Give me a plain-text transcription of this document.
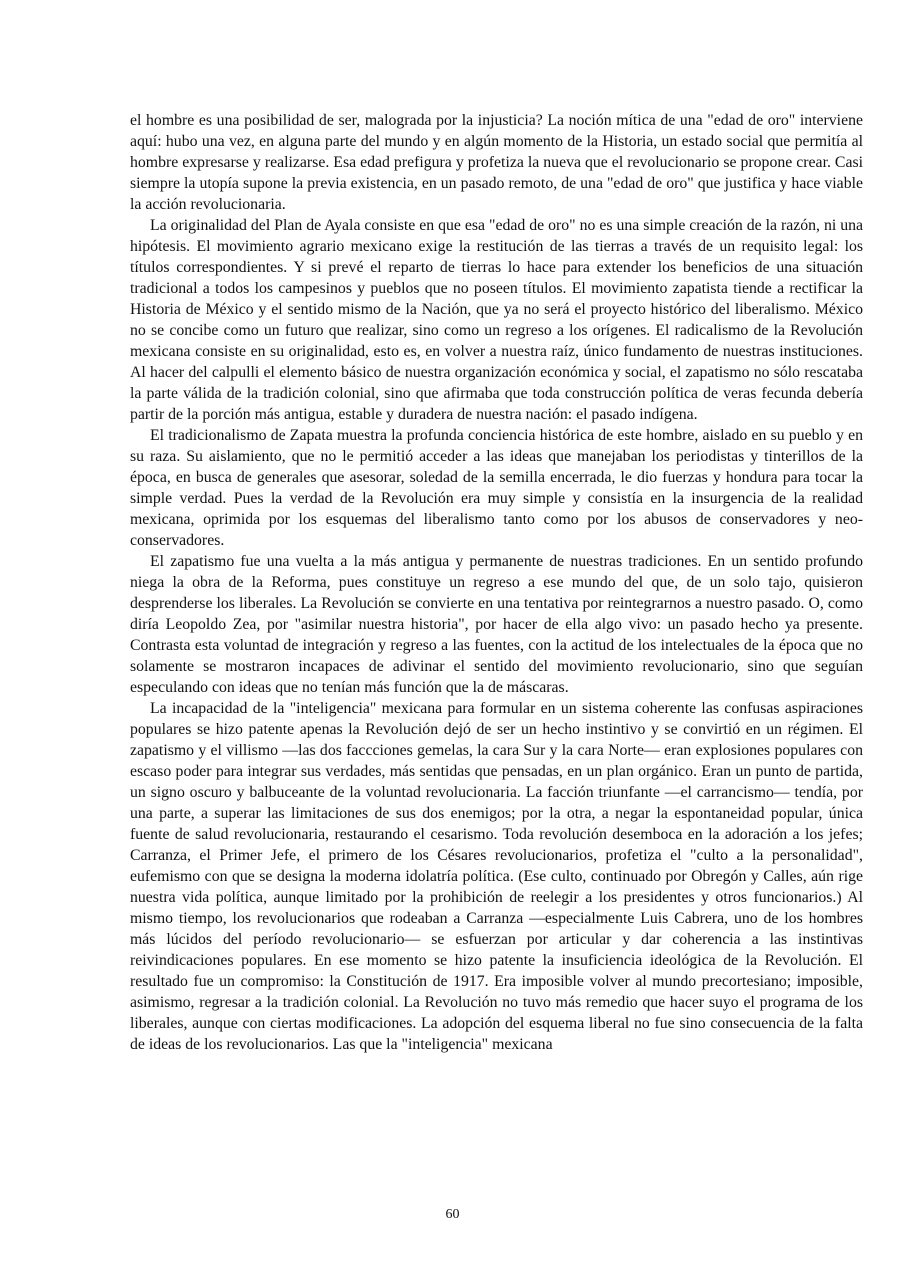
el hombre es una posibilidad de ser, malograda por la injusticia? La noción mítica de una "edad de oro" interviene aquí: hubo una vez, en alguna parte del mundo y en algún momento de la Historia, un estado social que permitía al hombre expresarse y realizarse. Esa edad prefigura y profetiza la nueva que el revolucionario se propone crear. Casi siempre la utopía supone la previa existencia, en un pasado remoto, de una "edad de oro" que justifica y hace viable la acción revolucionaria.

La originalidad del Plan de Ayala consiste en que esa "edad de oro" no es una simple creación de la razón, ni una hipótesis. El movimiento agrario mexicano exige la restitución de las tierras a través de un requisito legal: los títulos correspondientes. Y si prevé el reparto de tierras lo hace para extender los beneficios de una situación tradicional a todos los campesinos y pueblos que no poseen títulos. El movimiento zapatista tiende a rectificar la Historia de México y el sentido mismo de la Nación, que ya no será el proyecto histórico del liberalismo. México no se concibe como un futuro que realizar, sino como un regreso a los orígenes. El radicalismo de la Revolución mexicana consiste en su originalidad, esto es, en volver a nuestra raíz, único fundamento de nuestras instituciones. Al hacer del calpulli el elemento básico de nuestra organización económica y social, el zapatismo no sólo rescataba la parte válida de la tradición colonial, sino que afirmaba que toda construcción política de veras fecunda debería partir de la porción más antigua, estable y duradera de nuestra nación: el pasado indígena.

El tradicionalismo de Zapata muestra la profunda conciencia histórica de este hombre, aislado en su pueblo y en su raza. Su aislamiento, que no le permitió acceder a las ideas que manejaban los periodistas y tinterillos de la época, en busca de generales que asesorar, soledad de la semilla encerrada, le dio fuerzas y hondura para tocar la simple verdad. Pues la verdad de la Revolución era muy simple y consistía en la insurgencia de la realidad mexicana, oprimida por los esquemas del liberalismo tanto como por los abusos de conservadores y neo-conservadores.

El zapatismo fue una vuelta a la más antigua y permanente de nuestras tradiciones. En un sentido profundo niega la obra de la Reforma, pues constituye un regreso a ese mundo del que, de un solo tajo, quisieron desprenderse los liberales. La Revolución se convierte en una tentativa por reintegrarnos a nuestro pasado. O, como diría Leopoldo Zea, por "asimilar nuestra historia", por hacer de ella algo vivo: un pasado hecho ya presente. Contrasta esta voluntad de integración y regreso a las fuentes, con la actitud de los intelectuales de la época que no solamente se mostraron incapaces de adivinar el sentido del movimiento revolucionario, sino que seguían especulando con ideas que no tenían más función que la de máscaras.

La incapacidad de la "inteligencia" mexicana para formular en un sistema coherente las confusas aspiraciones populares se hizo patente apenas la Revolución dejó de ser un hecho instintivo y se convirtió en un régimen. El zapatismo y el villismo —las dos faccciones gemelas, la cara Sur y la cara Norte— eran explosiones populares con escaso poder para integrar sus verdades, más sentidas que pensadas, en un plan orgánico. Eran un punto de partida, un signo oscuro y balbuceante de la voluntad revolucionaria. La facción triunfante —el carrancismo— tendía, por una parte, a superar las limitaciones de sus dos enemigos; por la otra, a negar la espontaneidad popular, única fuente de salud revolucionaria, restaurando el cesarismo. Toda revolución desemboca en la adoración a los jefes; Carranza, el Primer Jefe, el primero de los Césares revolucionarios, profetiza el "culto a la personalidad", eufemismo con que se designa la moderna idolatría política. (Ese culto, continuado por Obregón y Calles, aún rige nuestra vida política, aunque limitado por la prohibición de reelegir a los presidentes y otros funcionarios.) Al mismo tiempo, los revolucionarios que rodeaban a Carranza —especialmente Luis Cabrera, uno de los hombres más lúcidos del período revolucionario— se esfuerzan por articular y dar coherencia a las instintivas reivindicaciones populares. En ese momento se hizo patente la insuficiencia ideológica de la Revolución. El resultado fue un compromiso: la Constitución de 1917. Era imposible volver al mundo precortesiano; imposible, asimismo, regresar a la tradición colonial. La Revolución no tuvo más remedio que hacer suyo el programa de los liberales, aunque con ciertas modificaciones. La adopción del esquema liberal no fue sino consecuencia de la falta de ideas de los revolucionarios. Las que la "inteligencia" mexicana

60
